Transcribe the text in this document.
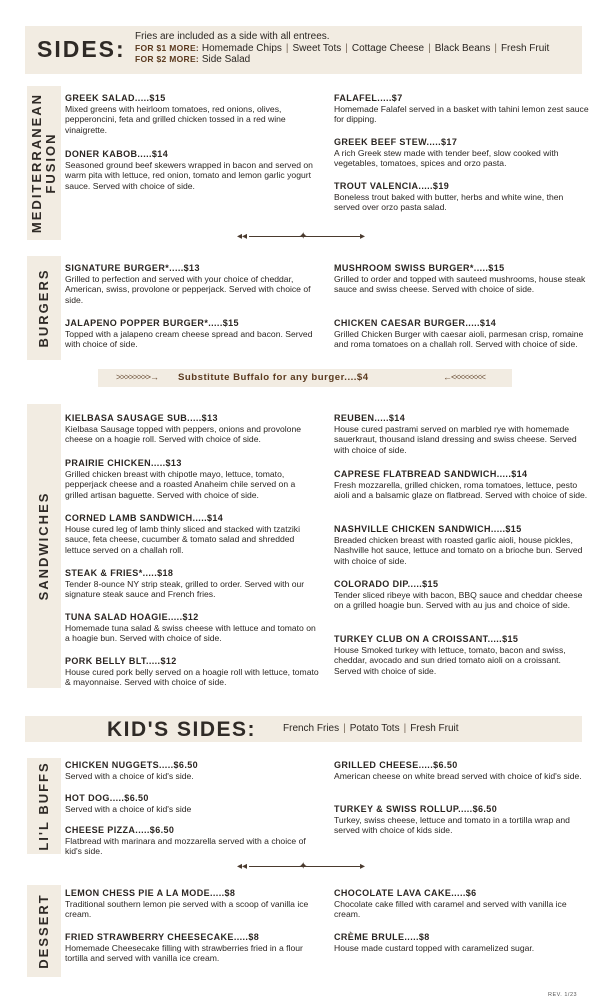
SIDES: Fries are included as a side with all entrees.
FOR $1 MORE: Homemade Chips | Sweet Tots | Cottage Cheese | Black Beans | Fresh Fruit
FOR $2 MORE: Side Salad
MEDITERRANEAN
FUSION
GREEK SALAD.....$15
Mixed greens with heirloom tomatoes, red onions, olives, pepperoncini, feta and grilled chicken tossed in a red wine vinaigrette.
DONER KABOB.....$14
Seasoned ground beef skewers wrapped in bacon and served on warm pita with lettuce, red onion, tomato and lemon garlic yogurt sauce. Served with choice of side.
FALAFEL.....$7
Homemade Falafel served in a basket with tahini lemon zest sauce for dipping.
GREEK BEEF STEW.....$17
A rich Greek stew made with tender beef, slow cooked with vegetables, tomatoes, spices and orzo pasta.
TROUT VALENCIA.....$19
Boneless trout baked with butter, herbs and white wine, then served over orzo pasta salad.
◂◂	✦	▸
BURGERS
SIGNATURE BURGER*.....$13
Grilled to perfection and served with your choice of cheddar, American, swiss, provolone or pepperjack. Served with choice of side.
JALAPENO POPPER BURGER*.....$15
Topped with a jalapeno cream cheese spread and bacon. Served with choice of side.
MUSHROOM SWISS BURGER*.....$15
Grilled to order and topped with sauteed mushrooms, house steak sauce and swiss cheese. Served with choice of side.
CHICKEN CAESAR BURGER.....$14
Grilled Chicken Burger with caesar aioli, parmesan crisp, romaine and roma tomatoes on a challah roll. Served with choice of side.
>>>>>>>>→ Substitute Buffalo for any burger....$4	←<<<<<<<<
SANDWICHES
KIELBASA SAUSAGE SUB.....$13
Kielbasa Sausage topped with peppers, onions and provolone cheese on a hoagie roll. Served with choice of side.
PRAIRIE CHICKEN.....$13
Grilled chicken breast with chipotle mayo, lettuce, tomato, pepperjack cheese and a roasted Anaheim chile served on a grilled artisan baguette. Served with choice of side.
CORNED LAMB SANDWICH.....$14
House cured leg of lamb thinly sliced and stacked with tzatziki sauce, feta cheese, cucumber & tomato salad and shredded lettuce served on a challah roll.
STEAK & FRIES*.....$18
Tender 8-ounce NY strip steak, grilled to order. Served with our signature steak sauce and French fries.
TUNA SALAD HOAGIE.....$12
Homemade tuna salad & swiss cheese with lettuce and tomato on a hoagie bun. Served with choice of side.
PORK BELLY BLT.....$12
House cured pork belly served on a hoagie roll with lettuce, tomato & mayonnaise. Served with choice of side.
REUBEN.....$14
House cured pastrami served on marbled rye with homemade sauerkraut, thousand island dressing and swiss cheese. Served with choice of side.
CAPRESE FLATBREAD SANDWICH.....$14
Fresh mozzarella, grilled chicken, roma tomatoes, lettuce, pesto aioli and a balsamic glaze on flatbread. Served with choice of side.
NASHVILLE CHICKEN SANDWICH.....$15
Breaded chicken breast with roasted garlic aioli, house pickles, Nashville hot sauce, lettuce and tomato on a brioche bun. Served with choice of side.
COLORADO DIP.....$15
Tender sliced ribeye with bacon, BBQ sauce and cheddar cheese on a grilled hoagie bun. Served with au jus and choice of side.
TURKEY CLUB ON A CROISSANT.....$15
House Smoked turkey with lettuce, tomato, bacon and swiss, cheddar, avocado and sun dried tomato aioli on a croissant. Served with choice of side.
KID'S SIDES:	French Fries | Potato Tots | Fresh Fruit
LI'L BUFFS CHICKEN NUGGETS.....$6.50
Served with a choice of kid's side.
HOT DOG.....$6.50
Served with a choice of kid's side
CHEESE PIZZA.....$6.50
Flatbread with marinara and mozzarella served with a choice of kid's side.
GRILLED CHEESE.....$6.50
American cheese on white bread served with choice of kid's side.
TURKEY & SWISS ROLLUP.....$6.50
Turkey, swiss cheese, lettuce and tomato in a tortilla wrap and served with choice of kids side.
◂◂	✦	▸
DESSERT
LEMON CHESS PIE A LA MODE.....$8
Traditional southern lemon pie served with a scoop of vanilla ice cream.
FRIED STRAWBERRY CHEESECAKE.....$8
Homemade Cheesecake filling with strawberries fried in a flour tortilla and served with vanilla ice cream.
CHOCOLATE LAVA CAKE.....$6
Chocolate cake filled with caramel and served with vanilla ice cream.
CRÈME BRULE.....$8
House made custard topped with caramelized sugar.
REV. 1/23
